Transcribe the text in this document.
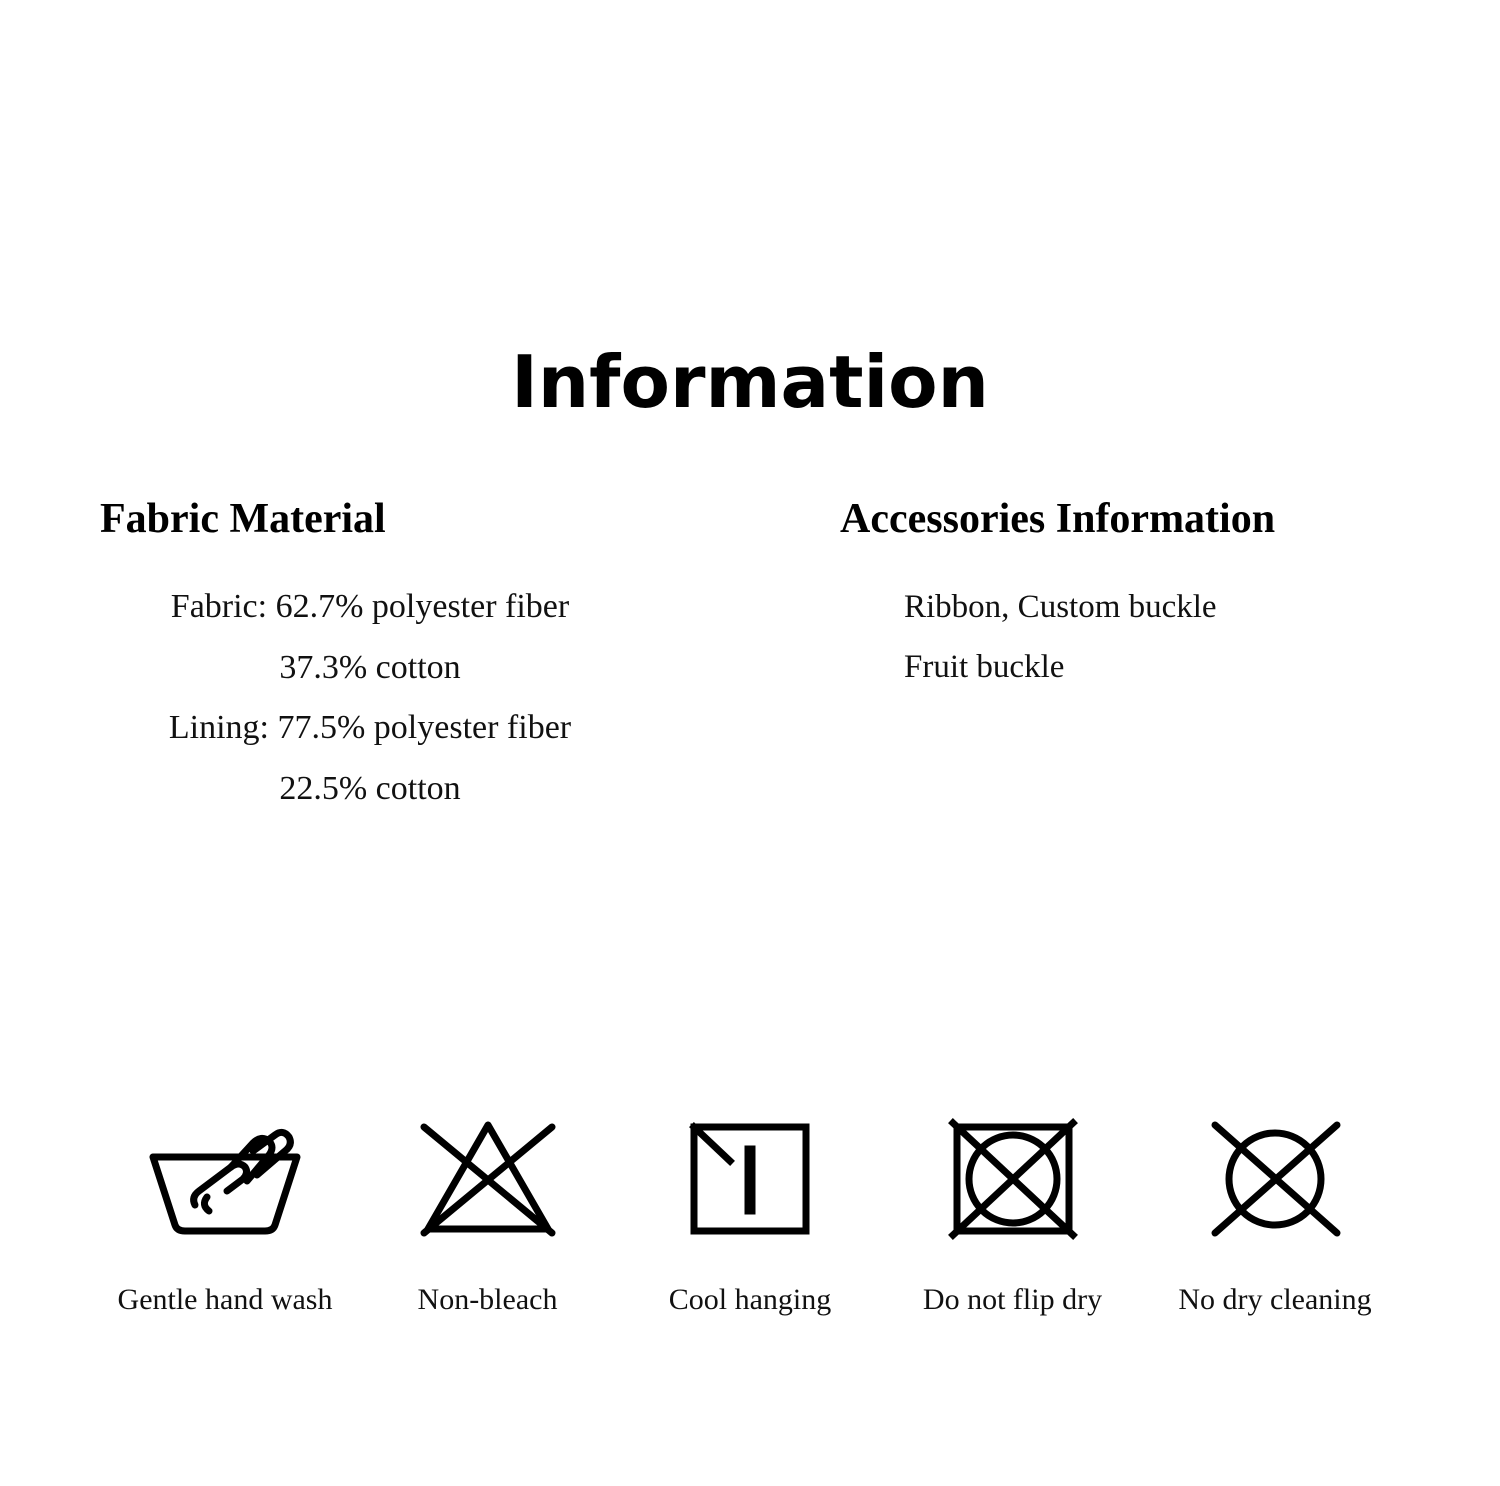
Information
Fabric Material
Fabric: 62.7% polyester fiber
37.3% cotton
Lining: 77.5% polyester fiber
22.5% cotton
Accessories Information
Ribbon, Custom buckle
Fruit buckle
Gentle hand wash	Non-bleach	Cool hanging	Do not flip dry	No dry cleaning
